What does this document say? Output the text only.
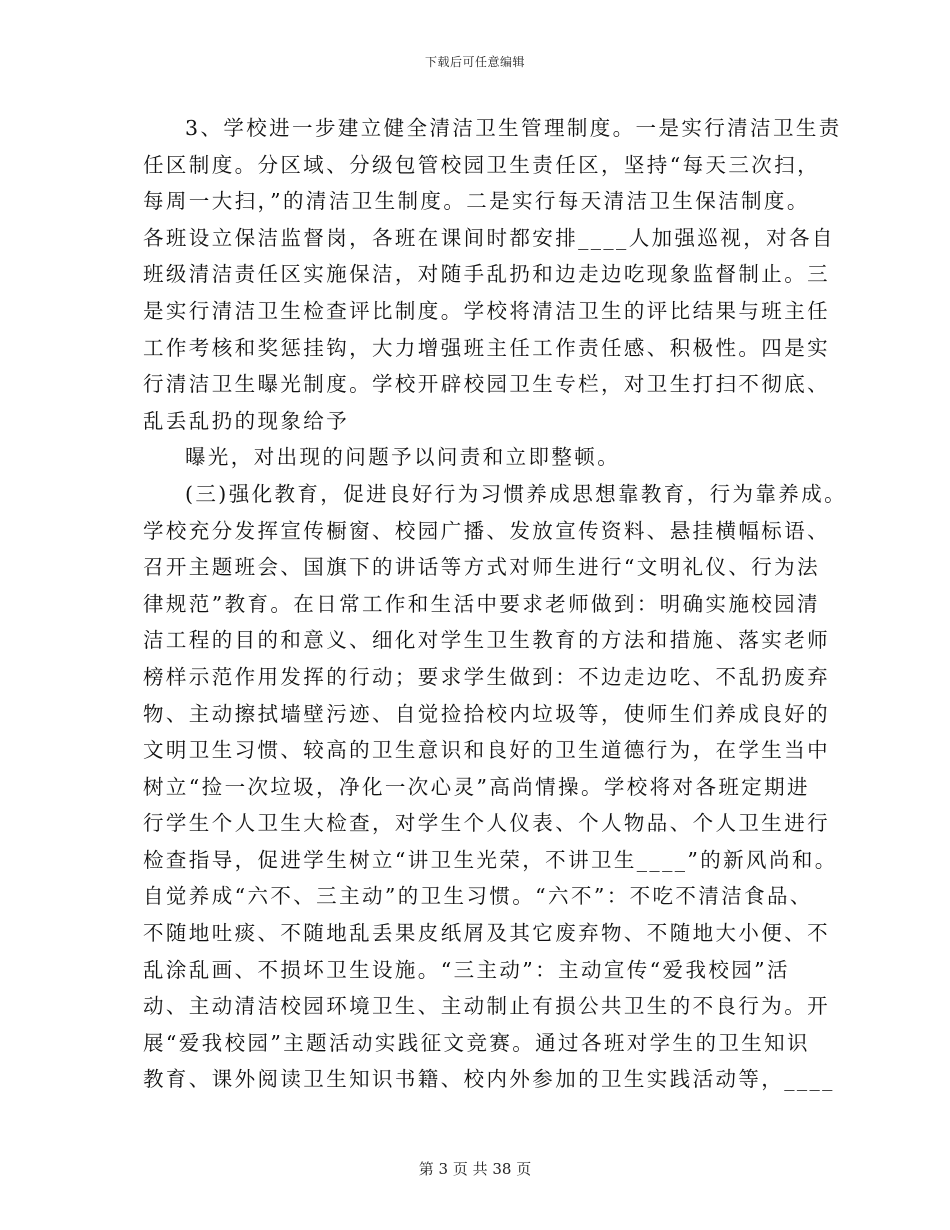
下载后可任意编辑
3、学校进一步建立健全清洁卫生管理制度。一是实行清洁卫生责
任区制度。分区域、分级包管校园卫生责任区，坚持“每天三次扫，
每周一大扫，”的清洁卫生制度。二是实行每天清洁卫生保洁制度。
各班设立保洁监督岗，各班在课间时都安排____人加强巡视，对各自
班级清洁责任区实施保洁，对随手乱扔和边走边吃现象监督制止。三
是实行清洁卫生检查评比制度。学校将清洁卫生的评比结果与班主任
工作考核和奖惩挂钩，大力增强班主任工作责任感、积极性。四是实
行清洁卫生曝光制度。学校开辟校园卫生专栏，对卫生打扫不彻底、
乱丢乱扔的现象给予
曝光，对出现的问题予以问责和立即整顿。
(三)强化教育，促进良好行为习惯养成思想靠教育，行为靠养成。
学校充分发挥宣传橱窗、校园广播、发放宣传资料、悬挂横幅标语、
召开主题班会、国旗下的讲话等方式对师生进行“文明礼仪、行为法
律规范”教育。在日常工作和生活中要求老师做到：明确实施校园清
洁工程的目的和意义、细化对学生卫生教育的方法和措施、落实老师
榜样示范作用发挥的行动；要求学生做到：不边走边吃、不乱扔废弃
物、主动擦拭墙壁污迹、自觉捡拾校内垃圾等，使师生们养成良好的
文明卫生习惯、较高的卫生意识和良好的卫生道德行为，在学生当中
树立“捡一次垃圾，净化一次心灵”高尚情操。学校将对各班定期进
行学生个人卫生大检查，对学生个人仪表、个人物品、个人卫生进行
检查指导，促进学生树立“讲卫生光荣，不讲卫生____”的新风尚和。
自觉养成“六不、三主动”的卫生习惯。“六不”：不吃不清洁食品、
不随地吐痰、不随地乱丢果皮纸屑及其它废弃物、不随地大小便、不
乱涂乱画、不损坏卫生设施。“三主动”：主动宣传“爱我校园”活
动、主动清洁校园环境卫生、主动制止有损公共卫生的不良行为。开
展“爱我校园”主题活动实践征文竞赛。通过各班对学生的卫生知识
教育、课外阅读卫生知识书籍、校内外参加的卫生实践活动等，____
第 3 页 共 38 页
